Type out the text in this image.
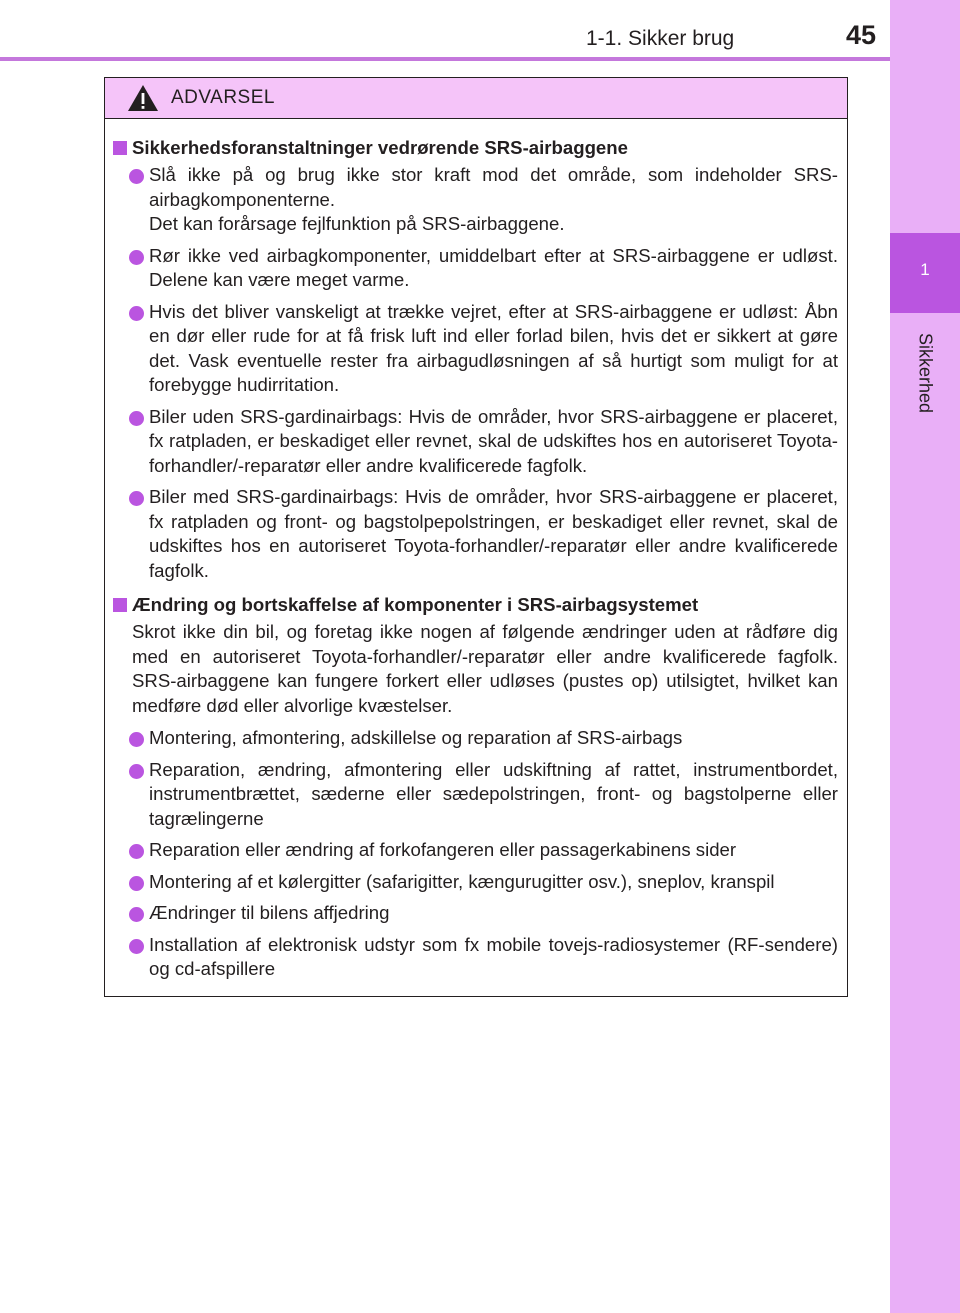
1-1. Sikker brug	45
1
Sikkerhed
ADVARSEL
Sikkerhedsforanstaltninger vedrørende SRS-airbaggene
Slå ikke på og brug ikke stor kraft mod det område, som indeholder SRS-airbagkomponenterne.
Det kan forårsage fejlfunktion på SRS-airbaggene.
Rør ikke ved airbagkomponenter, umiddelbart efter at SRS-airbaggene er udløst. Delene kan være meget varme.
Hvis det bliver vanskeligt at trække vejret, efter at SRS-airbaggene er udløst: Åbn en dør eller rude for at få frisk luft ind eller forlad bilen, hvis det er sikkert at gøre det. Vask eventuelle rester fra airbagudløsningen af så hurtigt som muligt for at forebygge hudirritation.
Biler uden SRS-gardinairbags: Hvis de områder, hvor SRS-airbaggene er placeret, fx ratpladen, er beskadiget eller revnet, skal de udskiftes hos en autoriseret Toyota-forhandler/-reparatør eller andre kvalificerede fagfolk.
Biler med SRS-gardinairbags: Hvis de områder, hvor SRS-airbaggene er placeret, fx ratpladen og front- og bagstolpepolstringen, er beskadiget eller revnet, skal de udskiftes hos en autoriseret Toyota-forhandler/-reparatør eller andre kvalificerede fagfolk.
Ændring og bortskaffelse af komponenter i SRS-airbagsystemet
Skrot ikke din bil, og foretag ikke nogen af følgende ændringer uden at rådføre dig med en autoriseret Toyota-forhandler/-reparatør eller andre kvalificerede fagfolk. SRS-airbaggene kan fungere forkert eller udløses (pustes op) utilsigtet, hvilket kan medføre død eller alvorlige kvæstelser.
Montering, afmontering, adskillelse og reparation af SRS-airbags
Reparation, ændring, afmontering eller udskiftning af rattet, instrumentbordet, instrumentbrættet, sæderne eller sædepolstringen, front- og bagstolperne eller tagrælingerne
Reparation eller ændring af forkofangeren eller passagerkabinens sider
Montering af et kølergitter (safarigitter, kængurugitter osv.), sneplov, kranspil
Ændringer til bilens affjedring
Installation af elektronisk udstyr som fx mobile tovejs-radiosystemer (RF-sendere) og cd-afspillere
